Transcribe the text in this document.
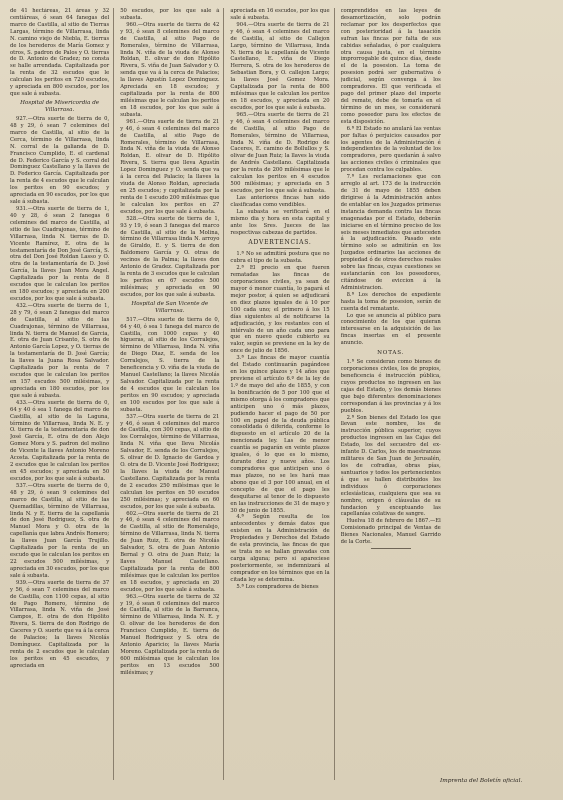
de 41 hectáreas, 21 áreas y 32 centiáreas, ó sean 64 fanegas del marco de Castilla, al sitio de Tierras Largas, término de Villarrasa, linda N. camino viejo de Niebla, E. tierras de los herederos de María Gomez y otros, S. padron de Palos y O. tierras de D. Antonio de Gradez; no consta se halle arrendada. Capitalizada por la renta de 32 escudos que le calculan los peritos en 720 escudos, y apreciada en 800 escudos, por los que sale á subasta.

Hospital de Misericordia de Villarrasa.

927.—Otra suerte de tierra de 0, 48 y 29, ó sean 7 celemines del marco de Castilla, al sitio de la Cerca, término de Villarrasa, linda N. corral de la galianda de D. Francisco Cumplido, E. el cardenal de D. Federico García y S. corral del Dominguez Castellano y la llaves de D. Federico García. Capitalizada por la renta de 4 escudos que le calculan los peritos en 90 escudos; y apreciada en 90 escudos, por los que sale á subasta.

931.—Otra suerte de tierra de 1, 40 y 28, ó sean 2 fanegas 6 celemines del marco de Castilla, al sitio de las Cuadrajonas, término de Villarrasa, linda N. tierras de D. Vicente Ramírez, E. otra de la testamentaría de Don José García, S. otra del Don José Roldan Lasso y O. otra de la testamentaría de D. José García, la llaves Juan Mora Angel. Capitalizada por la renta de 8 escudos que le calculan los peritos en 180 escudos; y apreciada en 200 escudos, por los que sale á subasta.

432.—Otra suerte de tierra de 1, 28 y 79, ó sean 2 fanegas del marco de Castilla, al sitio de las Cuadrajonas, término de Villarrasa, linda N. tierra de Manuel de Garcia, E. otra de Juan Crisanto, S. otra de Antonio García Lopez, y O. tierras de la testamentaría de D. José García; la llaves la Juana Rosa Salvador. Capitalizada por la renta de 7 escudos que le calculan los peritos en 157 escudos 500 milésimas, y apreciada en 180 escudos, por los que sale á subasta.

433.—Otra suerte de tierra de 0, 64 y 40 ó sea 1 fanega del marco de Castilla, al sitio de la Laguna, término de Villarrasa, linda N. E. y O. tierra de la testamentaría de don José García, E. otra de don Alejo Gomez Mora y S. padron del molino de Vicente la llaves Antonio Moreno Acosta. Capitalizada por la renta de 2 escudos que le calculan los peritos en 45 escudos; y apreciada en 50 escudos, por los que sale á subasta.

537.—Otra suerte de tierra de 0, 48 y 29, ó sean 9 celemines del marco de Castilla, al sitio de las Quemadillas, término de Villarrasa, linda N. y E. tierra de la capellanía de don José Rodriguez, S. otra de Manuel Mora y O. otra de la capellanía que labra Andrés Romero; la llaves Juan García Trujillo. Capitalizada por la renta de un escudo que le calculan los peritos en 22 escudos 500 milésimas, y apreciada en 30 escudos, por los que sale á subasta.

939.—Otra suerte de tierra de 37 y 56, ó sean 7 celemines del marco de Castilla, con 1100 cepas, al sitio de Pago Romero, término de Villarrasa, linda N. viña de José Campos, E. otra de don Hipólito Rivera, S. tierra de don Rodrigo de Caceres y O. suerte que va á la cerca de Palacios; la llaves Nicolás Domínguez. Capitalizada por la renta de 2 escudos que le calculan los peritos en 45 escudos, y apreciada en

50 escudos, por los que sale á subasta.

960.—Otra suerte de tierra de 42 y 93, ó sean 8 celemines del marco de Castilla, al sitio Pago de Romerales, término de Villarrasa, linda N. viña de la viuda de Alonso Roldan, E. olivar de don Hipólito Rivera, S. viña de Juan Salvador y O. senda que va á la cerca de Palacios; la llaves Agustín Lopez Dominguez. Apreciada en 18 escudos; y capitalizada por la renta de 800 milésimas que le calculan los peritos en 18 escudos, por los que sale á subasta.

961.—Otra suerte de tierra de 21 y 46, ó sean 4 celemines del marco de Castilla, al sitio Pago de Romerales, término de Villarrasa, linda N. viña de la viuda de Alonso Roldan, E. olivar de D. Hipólito Rivera, S. tierra que lleva Agustín Lopez Dominguez y O. senda que va á la cerca del Palacio; la llaves la viuda de Alonso Roldan, apreciada en 25 escudos; y capitalizada por la renta de 1 escudo 200 milésimas que le calculan los peritos en 27 escudos, por los que sale á subasta.

528.—Otra suerte de tierra de 1, 93 y 19, ó sean 3 fanegas del marco de Castilla, al sitio de la Molina, término de Villarrasa linda N. arroyo de Giraldo, E. y S. tierra de don Baldomero García y O. otras de vecinos de la Palma; la llaves don Antonio de Gradez. Capitalizada por la renta de 3 escudos que le calculan los peritos en 67 escudos 500 milésimas; y apreciada en 90 escudos, por los que sale á subasta.

Hospital de San Vicente de Villarrasa.

517.—Otra suerte de tierra de 0, 64 y 40, ó sea 1 fanega del marco de Castilla, con 1000 cepas y 40 higueras, al sitio de los Corralejos, término de Villarrasa, linda N. viña de Diego Diaz, E. senda de los Corralejos, S. tierra de la beneficencia y O. viña de la viuda de Manuel Castellano; la llaves Nicolás Salvador. Capitalizada por la renta de 4 escudos que le calculan los peritos en 90 escudos; y apreciada en 100 escudos por los que sale á subasta.

537.—Otra suerte de tierra de 21 y 46, ó sean 4 celemines del marco de Castilla, con 300 cepas, al sitio de los Corralejos, término de Villarrasa, linda N. viña que lleva Nicolás Salvador, E. senda de los Corralejos, S. olivar de D. Ignacio de Gardoa y O. otra de D. Vicente José Rodriguez; la llaves la viuda de Manuel Castellano. Capitalizada por la renta de 2 escudos 250 milésimas que le calculan los peritos en 50 escudos 250 milésimas; y apreciada en 60 escudos, por los que sale á subasta.

602.—Otra suerte de tierra de 21 y 46, ó sean 4 celemines del marco de Castilla, al sitio de Romeralejo, término de Villarrasa, linda N. tierra de Juan Ruiz, E. otra de Nicolás Salvador, S. otra de Juan Antonio Bernal y O. otra de Juan Ruiz; la llaves Manuel Castellano. Capitalizada por la renta de 800 milésimas que le calculan los peritos en 18 escudos, y apreciada en 20 escudos, por los que sale á subasta.

963.—Otra suerte de tierra de 32 y 19, ó sean 6 celemines del marco de Castilla, al sitio de la Barranca, término de Villarrasa, linda N. E. y O. olivar de los herederos de don Francisco Cumplido, E. tierra de Manuel Rodriguez y S. otra de Antonio Aparicio; la llaves María Moreno. Capitalizada por la renta de 600 milésimas que le calculan los peritos en 13 escudos 500 milésimas; y

apreciada en 16 escudos, por los que sale á subasta.

904.—Otra suerte de tierra de 21 y 46, ó sean 4 celemines del marco de Castilla, al sitio de Callejon Largo, término de Villarrasa, linda N. tierra de la capellanía de Vicente Castellano, E. viña de Diego Herrera, S. otra de los herederos de Sebastian Bora, y O. callejon Largo; la llaves José Gomez Mora. Capitalizada por la renta de 800 milésimas que le calculan los peritos en 18 escudos, y apreciada en 20 escudos, por los que sale á subasta.

965.—Otra suerte de tierra de 21 y 46, ó sean 4 celemines del marco de Castilla, al sitio Pago de Romerales, término de Villarrasa, linda N. viña de D. Rodrigo de Caceres, E. camino de Bollullos y S. olivar de Juan Ruiz; la llaves la viuda de Andrés Castellano. Capitalizada por la renta de 200 milésimas que le calculan los peritos en 4 escudos 500 milésimas; y apreciada en 5 escudos, por los que sale á subasta.

Las anteriores fincas han sido clasificadas como vendibles.

La subasta se verificará en el mismo dia y hora en esta capital y ante los Sres. Jueces de las respectivas cabezas de partidos.

ADVERTENCIAS.

1.ª No se admitirá postura que no cubra el tipo de la subasta.

2.ª El precio en que fueren rematadas las fincas de corporaciones civiles, ya sean de mayor ó menor cuantía, lo pagará el mejor postor, á quien se adjudicará en diez plazos iguales de á 10 por 100 cada uno; el primero á los 15 días siguientes al de notificarse la adjudicación, y los restantes con el intérvalo de un año cada uno para que en nuevo quede cubierto su valor, según se previene en la ley de once de julio de 1856.

3.ª Las fincas de mayor cuantía del Estado continuarán pagándose en los quince plazos y 14 años que previene el artículo 6.º de la ley de 1.º de mayo del año de 1855, y con la bonificación de 5 por 100 que el mismo otorga á los compradores que anticipen uno ó más plazos, pudiendo hacer el pago de 50 por 100 en papel de la deuda pública consolidada ó diferida, conforme lo dispuesto en el artículo 20 de la mencionada ley. Las de menor cuantía se pagarán en veinte plazos iguales, ó lo que es lo mismo, durante diez y nueve años. Los compradores que anticipen uno ó mas plazos, no se les hará mas abono que el 3 por 100 anual, en el concepto de que el pago les desquitarse al tenor de lo dispuesto en las instrucciones de 31 de mayo y 30 de junio de 1855.

4.ª Según resulta de los antecedentes y demás datos que existen en la Administración de Propiedades y Derechos del Estado de esta provincia, las fincas de que se trata no se hallan gravadas con carga alguna; pero si apareciese posteriormente, se indemnizará al comprador en los términos que en la citada ley se determina.

5.ª Los compradores de bienes

comprendidos en las leyes de desamortización, solo podrán reclamar por los desperfectos que con posterioridad á la tasación sufran las fincas por falta de sus cabidas señaladas, ó por cualquiera otra causa justa, en el término improrrogable de quince días, desde el de la posesion. La toma de posesion podrá ser gubernativa ó judicial, según convenga á los compradores. El que verificada el pago del primer plazo del importe del remate, debe de tomarla en el término de un mes, se considerará como poseedor para los efectos de esta disposición.

6.ª El Estado no anulará las ventas por faltas ó perjuicios causados por los agentes de la Administración é independientes de la voluntad de los compradores, pero quedarán á salvo las acciones civiles ó criminales que procedan contra los culpables.

7.ª Les reclamaciones que con arreglo al art. 173 de la instrucción de 31 de mayo de 1855 deben dirigirse á la Administración antes de entablar en los Juzgados primeras instancia demanda contra las fincas enagenadas por el Estado, deberán iniciarse en el término preciso de los seis meses inmediatos que anteceden á la adjudicación. Pasado este término solo se admitirán en los Juzgados ordinarios las acciones de propiedad ó de otros derechos reales sobre las fincas, cuyas cuestiones se sustanciarán con los poseedores, citándose de eviccion á la Administracion.

8.ª Los derechos de expediente hasta la toma de posesion, serán de cuenta del rematante.

Lo que se anuncia al público para conocimiento de los que quieran interesarse en la adquisición de las fincas insertas en el presente anuncio.

NOTAS.

1.ª Se consideran como bienes de corporaciones civiles, los de propios, beneficencia é instrucción pública, cuyos productos no ingresen en las cajas del Estado, y los demás bienes que bajo diferentes denominaciones correspondan á las provincias y á los pueblos.

2.ª Son bienes del Estado los que llevan este nombre, los de instrucción pública superior, cuyos productos ingresen en las Cajas del Estado, los del secuestro del ex-infante D. Carlos, los de maestranzas militares de San Juan de Jerusalén, los de cofradías, obras pías, santuarios y todos los pertenecientes á que se hallen distribuidos los individuos ó corporaciones eclesiásticas, cualquiera que sea su nombre, origen ó cláusulas de su fundacion y exceptuando las capellanías colativas de sangre.

Huelva 18 de febrero de 1867.—El Comisionado principal de Ventas de Bienes Nacionales, Manuel Garrido de la Corte.

Imprenta del Boletín oficial.
